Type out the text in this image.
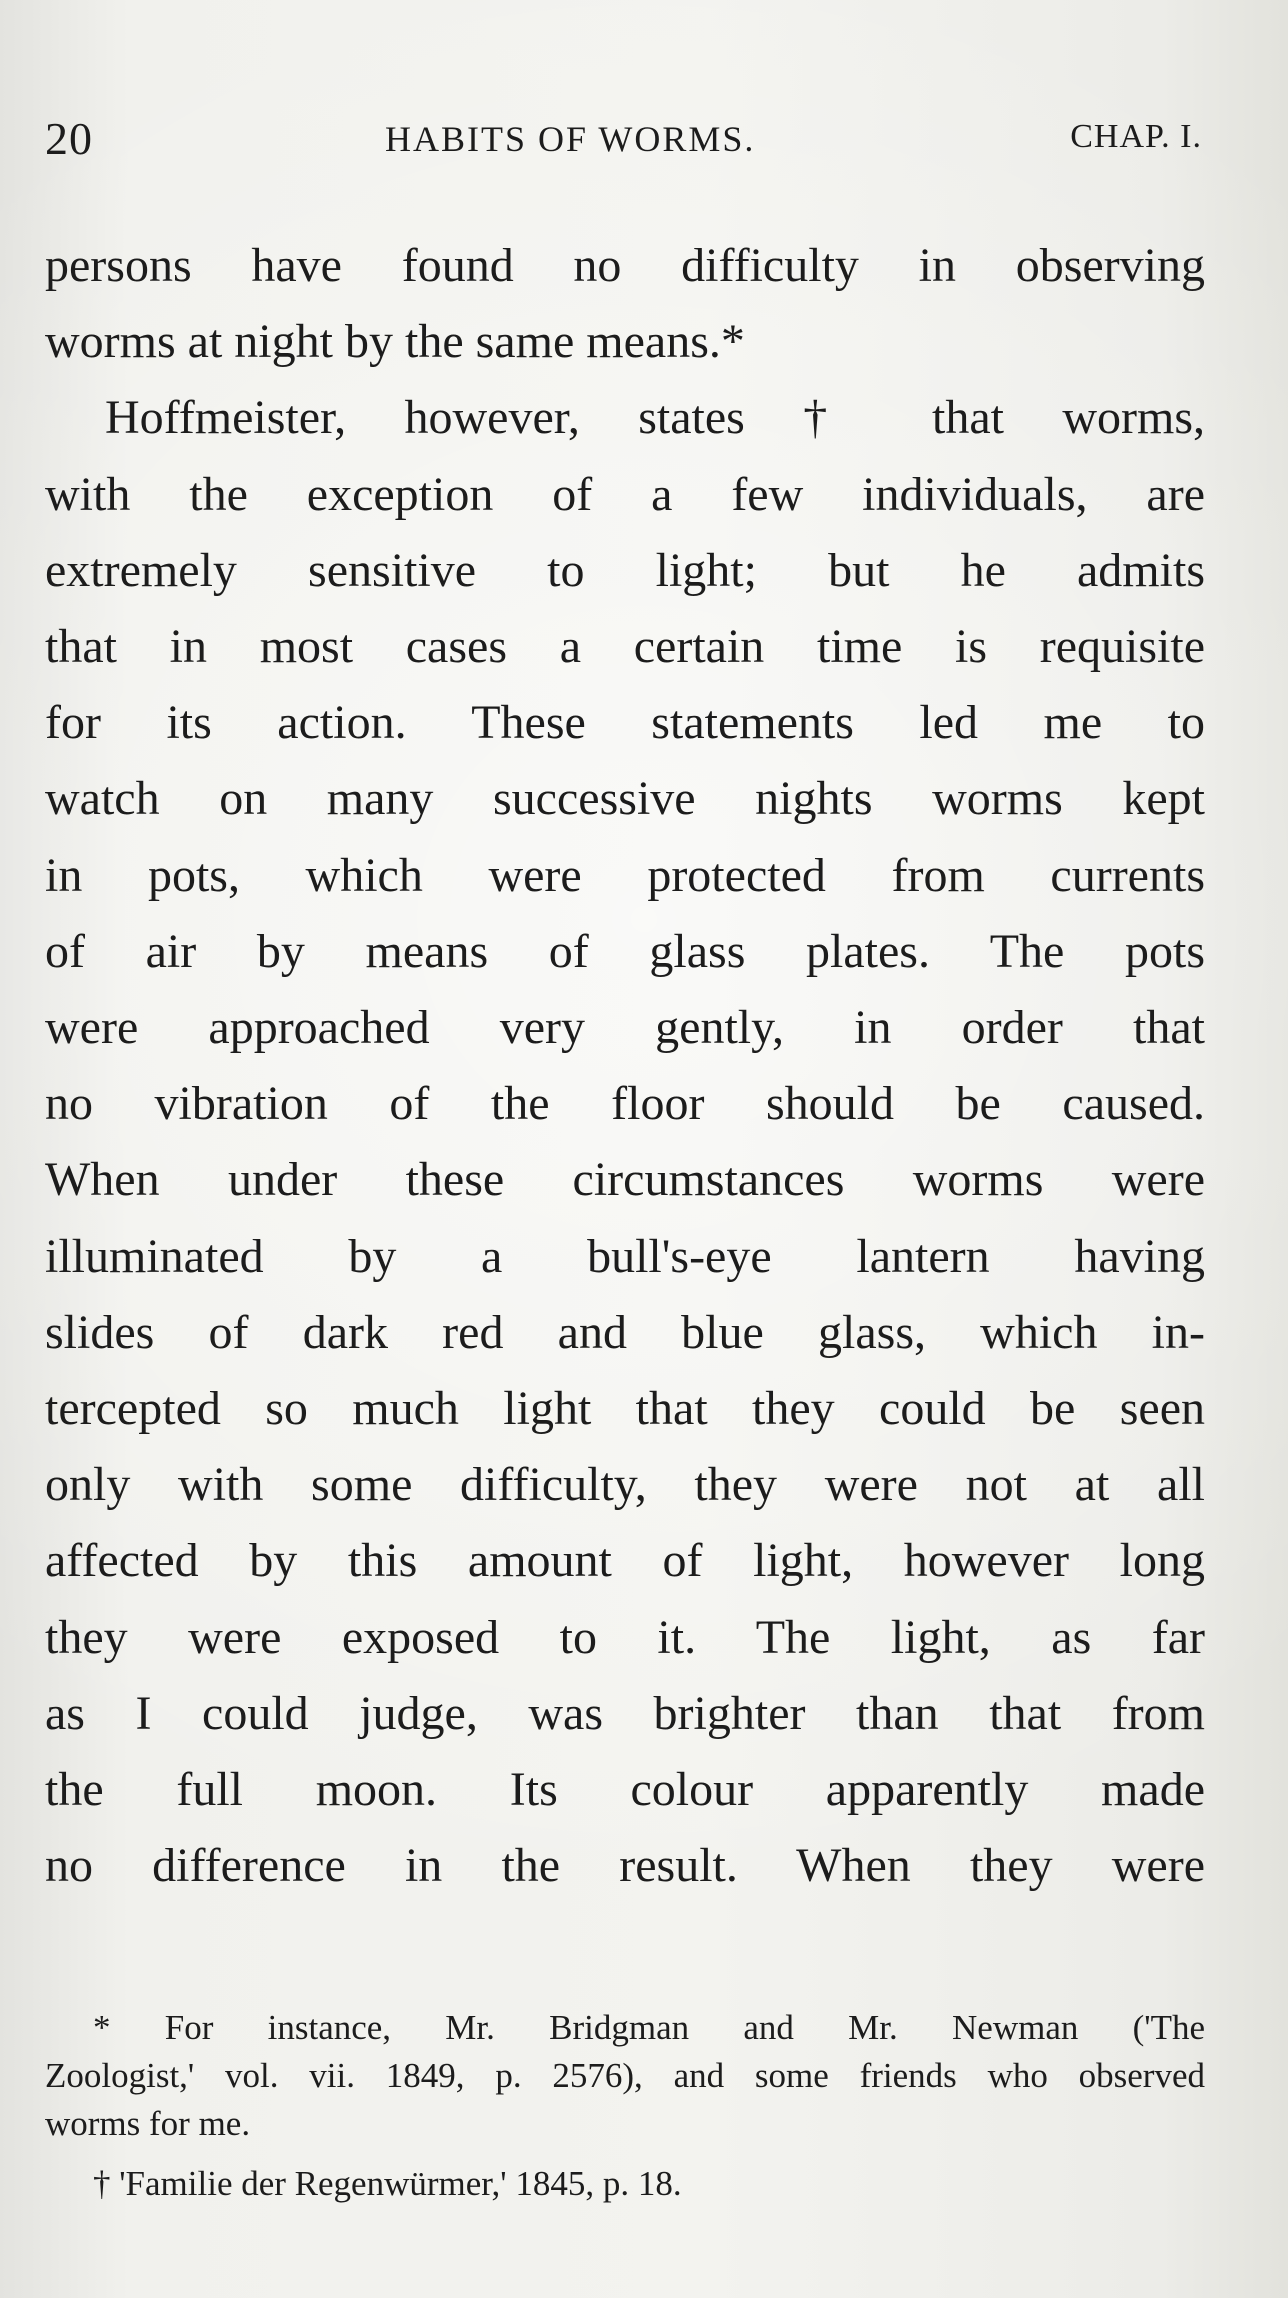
20	HABITS OF WORMS.	CHAP. I.
persons have found no difficulty in observing
worms at night by the same means.*
Hoffmeister, however, states † that worms,
with the exception of a few individuals, are
extremely sensitive to light; but he admits
that in most cases a certain time is requisite
for its action. These statements led me to
watch on many successive nights worms kept
in pots, which were protected from currents
of air by means of glass plates. The pots
were approached very gently, in order that
no vibration of the floor should be caused.
When under these circumstances worms were
illuminated by a bull's-eye lantern having
slides of dark red and blue glass, which in-
tercepted so much light that they could be seen
only with some difficulty, they were not at all
affected by this amount of light, however long
they were exposed to it. The light, as far
as I could judge, was brighter than that from
the full moon. Its colour apparently made
no difference in the result. When they were
* For instance, Mr. Bridgman and Mr. Newman ('The
Zoologist,' vol. vii. 1849, p. 2576), and some friends who observed
worms for me.
† 'Familie der Regenwürmer,' 1845, p. 18.
